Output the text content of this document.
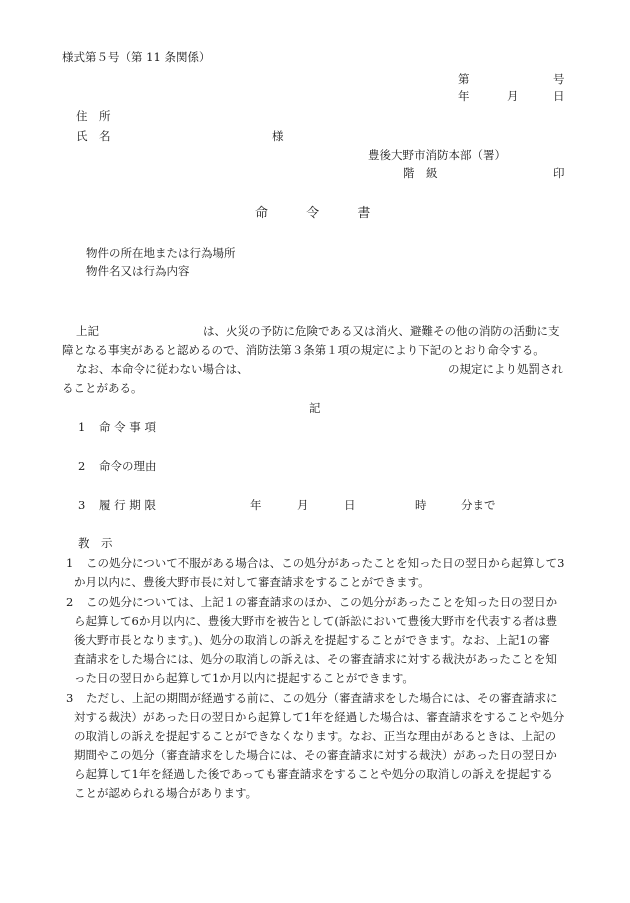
様式第５号（第 11 条関係）
第	号
年	月	日
住　所
氏　名	様
豊後大野市消防本部（署）
階　級	印
命	令	書
物件の所在地または行為場所
物件名又は行為内容
上記	は、火災の予防に危険である又は消火、避難その他の消防の活動に支
障となる事実があると認めるので、消防法第３条第１項の規定により下記のとおり命令する。
なお、本命令に従わない場合は、	の規定により処罰され
ることがある。
記
1 命 令 事 項
2 命令の理由
3 履 行 期 限	年	月	日	時	分まで
教　示
1 この処分について不服がある場合は、この処分があったことを知った日の翌日から起算して3
か月以内に、豊後大野市長に対して審査請求をすることができます。
2 この処分については、上記１の審査請求のほか、この処分があったことを知った日の翌日か
ら起算して6か月以内に、豊後大野市を被告として(訴訟において豊後大野市を代表する者は豊
後大野市長となります。)、処分の取消しの訴えを提起することができます。なお、上記1の審
査請求をした場合には、処分の取消しの訴えは、その審査請求に対する裁決があったことを知
った日の翌日から起算して1か月以内に提起することができます。
3 ただし、上記の期間が経過する前に、この処分（審査請求をした場合には、その審査請求に
対する裁決）があった日の翌日から起算して1年を経過した場合は、審査請求をすることや処分
の取消しの訴えを提起することができなくなります。なお、正当な理由があるときは、上記の
期間やこの処分（審査請求をした場合には、その審査請求に対する裁決）があった日の翌日か
ら起算して1年を経過した後であっても審査請求をすることや処分の取消しの訴えを提起する
ことが認められる場合があります。
